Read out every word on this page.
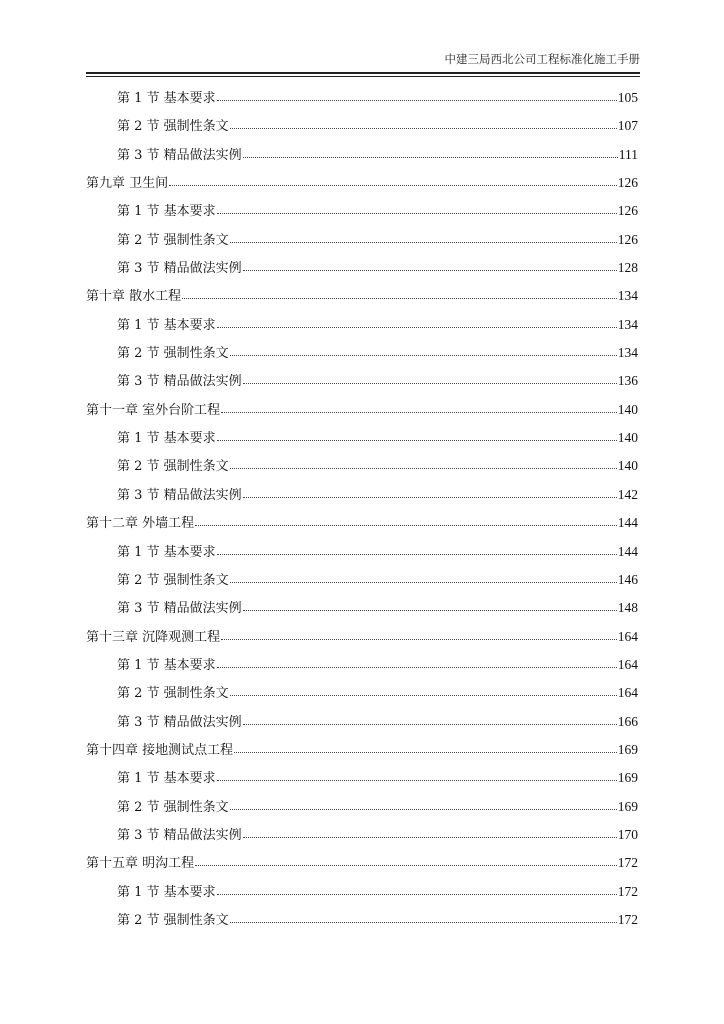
中建三局西北公司工程标准化施工手册
第 1 节 基本要求	105
第 2 节 强制性条文	107
第 3 节 精品做法实例	111
第九章 卫生间	126
第 1 节 基本要求	126
第 2 节 强制性条文	126
第 3 节 精品做法实例	128
第十章 散水工程	134
第 1 节 基本要求	134
第 2 节 强制性条文	134
第 3 节 精品做法实例	136
第十一章 室外台阶工程	140
第 1 节 基本要求	140
第 2 节 强制性条文	140
第 3 节 精品做法实例	142
第十二章 外墙工程	144
第 1 节 基本要求	144
第 2 节 强制性条文	146
第 3 节 精品做法实例	148
第十三章 沉降观测工程	164
第 1 节 基本要求	164
第 2 节 强制性条文	164
第 3 节 精品做法实例	166
第十四章 接地测试点工程	169
第 1 节 基本要求	169
第 2 节 强制性条文	169
第 3 节 精品做法实例	170
第十五章 明沟工程	172
第 1 节 基本要求	172
第 2 节 强制性条文	172
